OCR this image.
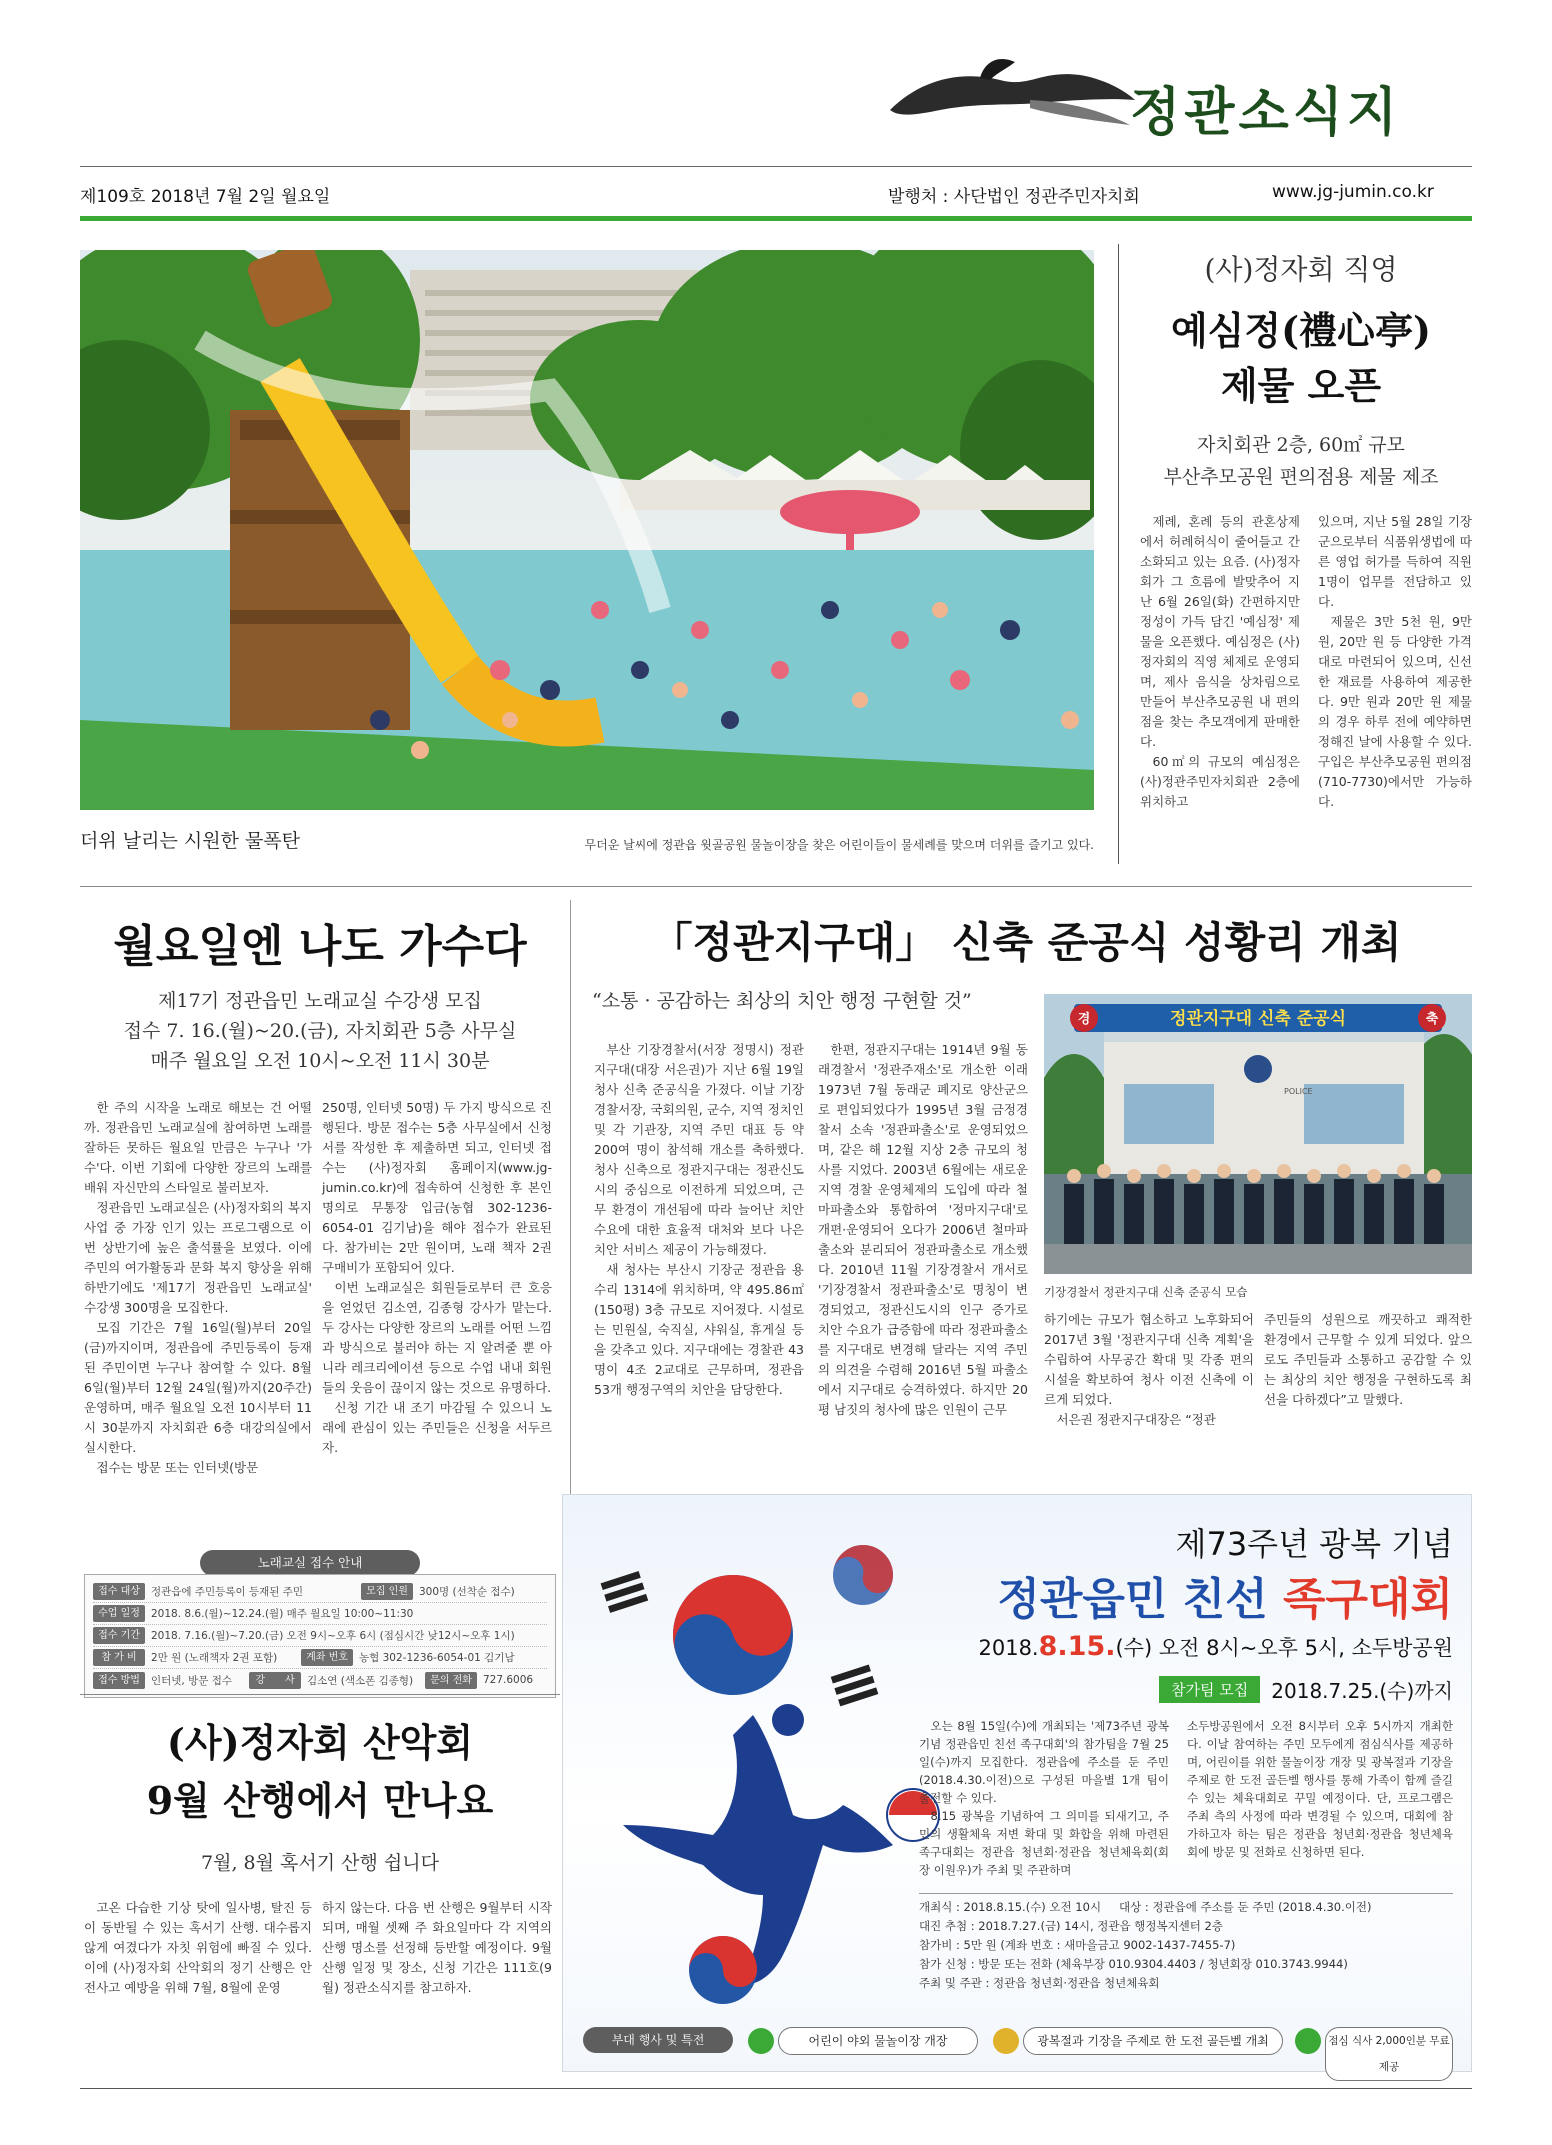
정관소식지
제109호 2018년 7월 2일 월요일	발행처 : 사단법인 정관주민자치회	www.jg-jumin.co.kr
더위 날리는 시원한 물폭탄	무더운 날씨에 정관읍 윗골공원 물놀이장을 찾은 어린이들이 물세례를 맞으며 더위를 즐기고 있다.
(사)정자회 직영
예심정(禮心亭)
제물 오픈
자치회관 2층, 60㎡ 규모
부산추모공원 편의점용 제물 제조

제례, 혼례 등의 관혼상제에서 허례허식이 줄어들고 간소화되고 있는 요즘. (사)정자회가 그 흐름에 발맞추어 지난 6월 26일(화) 간편하지만 정성이 가득 담긴 '예심정' 제물을 오픈했다. 예심정은 (사)정자회의 직영 체제로 운영되며, 제사 음식을 상차림으로 만들어 부산추모공원 내 편의점을 찾는 추모객에게 판매한다.

60㎡의 규모의 예심정은 (사)정관주민자치회관 2층에 위치하고

있으며, 지난 5월 28일 기장군으로부터 식품위생법에 따른 영업 허가를 득하여 직원 1명이 업무를 전담하고 있다.

제물은 3만 5천 원, 9만 원, 20만 원 등 다양한 가격대로 마련되어 있으며, 신선한 재료를 사용하여 제공한다. 9만 원과 20만 원 제물의 경우 하루 전에 예약하면 정해진 날에 사용할 수 있다. 구입은 부산추모공원 편의점(710-7730)에서만 가능하다.

월요일엔 나도 가수다
제17기 정관읍민 노래교실 수강생 모집
접수 7. 16.(월)~20.(금), 자치회관 5층 사무실
매주 월요일 오전 10시~오전 11시 30분

한 주의 시작을 노래로 해보는 건 어떨까. 정관읍민 노래교실에 참여하면 노래를 잘하든 못하든 월요일 만큼은 누구나 '가수'다. 이번 기회에 다양한 장르의 노래를 배워 자신만의 스타일로 불러보자.

정관읍민 노래교실은 (사)정자회의 복지사업 중 가장 인기 있는 프로그램으로 이번 상반기에 높은 출석률을 보였다. 이에 주민의 여가활동과 문화 복지 향상을 위해 하반기에도 '제17기 정관읍민 노래교실' 수강생 300명을 모집한다.

모집 기간은 7월 16일(월)부터 20일(금)까지이며, 정관읍에 주민등록이 등재된 주민이면 누구나 참여할 수 있다. 8월 6일(월)부터 12월 24일(월)까지(20주간) 운영하며, 매주 월요일 오전 10시부터 11시 30분까지 자치회관 6층 대강의실에서 실시한다.

접수는 방문 또는 인터넷(방문

250명, 인터넷 50명) 두 가지 방식으로 진행된다. 방문 접수는 5층 사무실에서 신청서를 작성한 후 제출하면 되고, 인터넷 접수는 (사)정자회 홈페이지(www.jg-jumin.co.kr)에 접속하여 신청한 후 본인 명의로 무통장 입금(농협 302-1236-6054-01 김기남)을 해야 접수가 완료된다. 참가비는 2만 원이며, 노래 책자 2권 구매비가 포함되어 있다.

이번 노래교실은 회원들로부터 큰 호응을 얻었던 김소연, 김종형 강사가 맡는다. 두 강사는 다양한 장르의 노래를 어떤 느낌과 방식으로 불러야 하는 지 알려줄 뿐 아니라 레크리에이션 등으로 수업 내내 회원들의 웃음이 끊이지 않는 것으로 유명하다.

신청 기간 내 조기 마감될 수 있으니 노래에 관심이 있는 주민들은 신청을 서두르자.

노래교실 접수 안내
접수 대상	정관읍에 주민등록이 등재된 주민	모집 인원	300명 (선착순 접수)
수업 일정	2018. 8.6.(월)~12.24.(월) 매주 월요일 10:00~11:30
접수 기간	2018. 7.16.(월)~7.20.(금) 오전 9시~오후 6시 (점심시간 낮12시~오후 1시)
참 가 비	2만 원 (노래책자 2권 포함)	계좌 번호	농협 302-1236-6054-01 김기남
접수 방법	인터넷, 방문 접수	강　　사	김소연 (색소폰 김종형)	문의 전화	727.6006
(사)정자회 산악회
9월 산행에서 만나요
7월, 8월 혹서기 산행 쉽니다

고온 다습한 기상 탓에 일사병, 탈진 등이 동반될 수 있는 혹서기 산행. 대수롭지 않게 여겼다가 자칫 위험에 빠질 수 있다. 이에 (사)정자회 산악회의 정기 산행은 안전사고 예방을 위해 7월, 8월에 운영

하지 않는다. 다음 번 산행은 9월부터 시작되며, 매월 셋째 주 화요일마다 각 지역의 산행 명소를 선정해 등반할 예정이다. 9월 산행 일정 및 장소, 신청 기간은 111호(9월) 정관소식지를 참고하자.

「정관지구대」 신축 준공식 성황리 개최
“소통 · 공감하는 최상의 치안 행정 구현할 것”

부산 기장경찰서(서장 정명시) 정관지구대(대장 서은권)가 지난 6월 19일 청사 신축 준공식을 가졌다. 이날 기장경찰서장, 국회의원, 군수, 지역 정치인 및 각 기관장, 지역 주민 대표 등 약 200여 명이 참석해 개소를 축하했다. 청사 신축으로 정관지구대는 정관신도시의 중심으로 이전하게 되었으며, 근무 환경이 개선됨에 따라 늘어난 치안 수요에 대한 효율적 대처와 보다 나은 치안 서비스 제공이 가능해졌다.

새 청사는 부산시 기장군 정관읍 용수리 1314에 위치하며, 약 495.86㎡(150평) 3층 규모로 지어졌다. 시설로는 민원실, 숙직실, 샤워실, 휴게실 등을 갖추고 있다. 지구대에는 경찰관 43명이 4조 2교대로 근무하며, 정관읍 53개 행정구역의 치안을 담당한다.

한편, 정관지구대는 1914년 9월 동래경찰서 '정관주재소'로 개소한 이래 1973년 7월 동래군 폐지로 양산군으로 편입되었다가 1995년 3월 금정경찰서 소속 '정관파출소'로 운영되었으며, 같은 해 12월 지상 2층 규모의 청사를 지었다. 2003년 6월에는 새로운 지역 경찰 운영체제의 도입에 따라 철마파출소와 통합하여 '정마지구대'로 개편·운영되어 오다가 2006년 철마파출소와 분리되어 정관파출소로 개소했다. 2010년 11월 기장경찰서 개서로 '기장경찰서 정관파출소'로 명칭이 변경되었고, 정관신도시의 인구 증가로 치안 수요가 급증함에 따라 정관파출소를 지구대로 변경해 달라는 지역 주민의 의견을 수렴해 2016년 5월 파출소에서 지구대로 승격하였다. 하지만 20평 남짓의 청사에 많은 인원이 근무

경	축
정관지구대 신축 준공식
POLICE
기장경찰서 정관지구대 신축 준공식 모습

하기에는 규모가 협소하고 노후화되어 2017년 3월 '정관지구대 신축 계획'을 수립하여 사무공간 확대 및 각종 편의시설을 확보하여 청사 이전 신축에 이르게 되었다.

서은권 정관지구대장은 “정관

주민들의 성원으로 깨끗하고 쾌적한 환경에서 근무할 수 있게 되었다. 앞으로도 주민들과 소통하고 공감할 수 있는 최상의 치안 행정을 구현하도록 최선을 다하겠다”고 말했다.

제73주년 광복 기념
정관읍민 친선 족구대회
2018.8.15.(수) 오전 8시~오후 5시, 소두방공원
참가팀 모집 2018.7.25.(수)까지

오는 8월 15일(수)에 개최되는 '제73주년 광복 기념 정관읍민 친선 족구대회'의 참가팀을 7월 25일(수)까지 모집한다. 정관읍에 주소를 둔 주민(2018.4.30.이전)으로 구성된 마을별 1개 팀이 출전할 수 있다.

8.15 광복을 기념하여 그 의미를 되새기고, 주민의 생활체육 저변 확대 및 화합을 위해 마련된 족구대회는 정관읍 청년회·정관읍 청년체육회(회장 이원우)가 주최 및 주관하며

소두방공원에서 오전 8시부터 오후 5시까지 개최한다. 이날 참여하는 주민 모두에게 점심식사를 제공하며, 어린이를 위한 물놀이장 개장 및 광복절과 기장을 주제로 한 도전 골든벨 행사를 통해 가족이 함께 즐길 수 있는 체육대회로 꾸밀 예정이다. 단, 프로그램은 주최 측의 사정에 따라 변경될 수 있으며, 대회에 참가하고자 하는 팀은 정관읍 청년회·정관읍 청년체육회에 방문 및 전화로 신청하면 된다.

개최식 : 2018.8.15.(수) 오전 10시 대상 : 정관읍에 주소를 둔 주민 (2018.4.30.이전)
대진 추첨 : 2018.7.27.(금) 14시, 정관읍 행정복지센터 2층
참가비 : 5만 원 (계좌 번호 : 새마을금고 9002-1437-7455-7)
참가 신청 : 방문 또는 전화 (체육부장 010.9304.4403 / 청년회장 010.3743.9944)
주최 및 주관 : 정관읍 청년회·정관읍 청년체육회
부대 행사 및 특전	어린이 야외 물놀이장 개장	광복절과 기장을 주제로 한 도전 골든벨 개최	점심 식사 2,000인분 무료 제공
